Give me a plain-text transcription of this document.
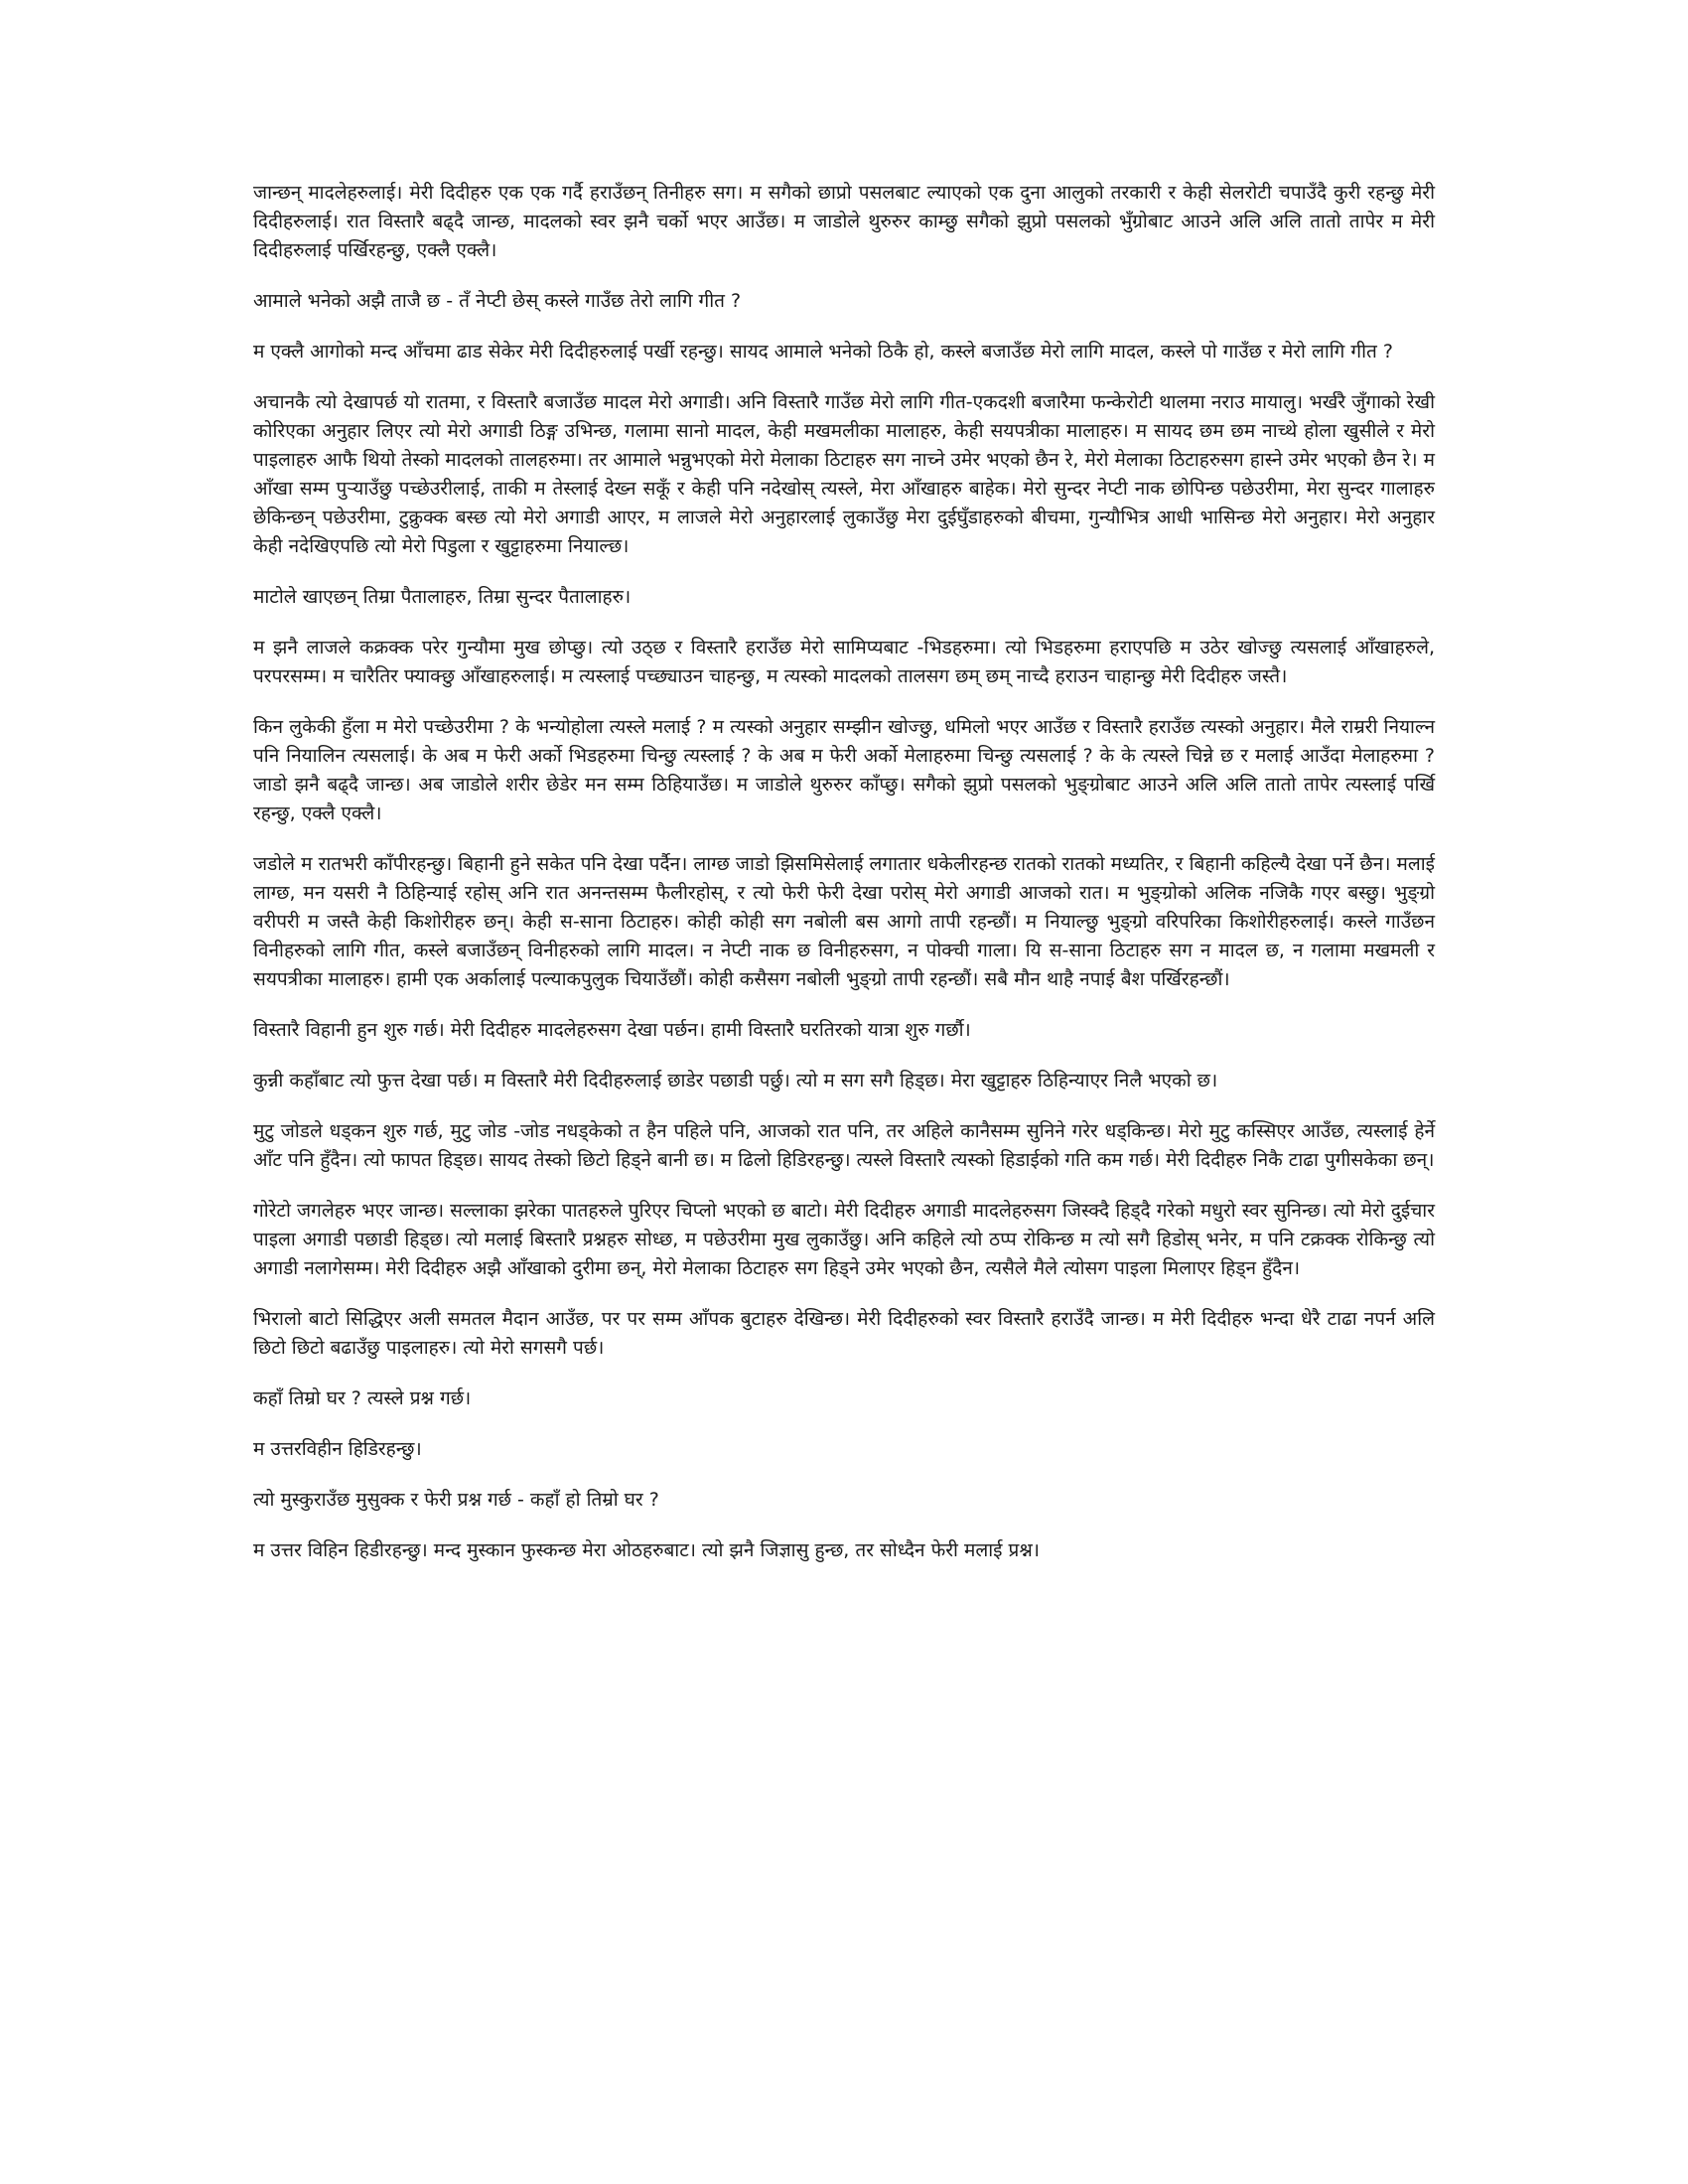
जान्छन् मादलेहरुलाई। मेरी दिदीहरु एक एक गर्दै हराउँछन् तिनीहरु सग। म सगैको छाप्रो पसलबाट ल्याएको एक दुना आलुको तरकारी र केही सेलरोटी चपाउँदै कुरी रहन्छु मेरी दिदीहरुलाई। रात विस्तारै बढ्दै जान्छ, मादलको स्वर झनै चर्को भएर आउँछ। म जाडोले थुरुरुर काम्छु सगैको झुप्रो पसलको भुँग्रोबाट आउने अलि अलि तातो तापेर म मेरी दिदीहरुलाई पर्खिरहन्छु, एक्लै एक्लै।

आमाले भनेको अझै ताजै छ - तँ नेप्टी छेस् कस्ले गाउँछ तेरो लागि गीत ?

म एक्लै आगोको मन्द आँचमा ढाड सेकेर मेरी दिदीहरुलाई पर्खी रहन्छु। सायद आमाले भनेको ठिकै हो, कस्ले बजाउँछ मेरो लागि मादल, कस्ले पो गाउँछ र मेरो लागि गीत ?

अचानकै त्यो देखापर्छ यो रातमा, र विस्तारै बजाउँछ मादल मेरो अगाडी। अनि विस्तारै गाउँछ मेरो लागि गीत-एकदशी बजारैमा फन्केरोटी थालमा नराउ मायालु। भर्खरै जुँगाको रेखी कोरिएका अनुहार लिएर त्यो मेरो अगाडी ठिङ्ग उभिन्छ, गलामा सानो मादल, केही मखमलीका मालाहरु, केही सयपत्रीका मालाहरु। म सायद छम छम नाच्थे होला खुसीले र मेरो पाइलाहरु आफै थियो तेस्को मादलको तालहरुमा। तर आमाले भन्नुभएको मेरो मेलाका ठिटाहरु सग नाच्ने उमेर भएको छैन रे, मेरो मेलाका ठिटाहरुसग हास्ने उमेर भएको छैन रे। म आँखा सम्म पुर्‍याउँछु पच्छेउरीलाई, ताकी म तेस्लाई देख्न सकूँ र केही पनि नदेखोस् त्यस्ले, मेरा आँखाहरु बाहेक। मेरो सुन्दर नेप्टी नाक छोपिन्छ पछेउरीमा, मेरा सुन्दर गालाहरु छेकिन्छन् पछेउरीमा, टुक्रुक्क बस्छ त्यो मेरो अगाडी आएर, म लाजले मेरो अनुहारलाई लुकाउँछु मेरा दुईघुँडाहरुको बीचमा, गुन्यौभित्र आधी भासिन्छ मेरो अनुहार। मेरो अनुहार केही नदेखिएपछि त्यो मेरो पिडुला र खुट्टाहरुमा नियाल्छ।

माटोले खाएछन् तिम्रा पैतालाहरु, तिम्रा सुन्दर पैतालाहरु।

म झनै लाजले कक्रक्क परेर गुन्यौमा मुख छोप्छु। त्यो उठ्छ र विस्तारै हराउँछ मेरो सामिप्यबाट -भिडहरुमा। त्यो भिडहरुमा हराएपछि म उठेर खोज्छु त्यसलाई आँखाहरुले, परपरसम्म। म चारैतिर फ्याक्छु आँखाहरुलाई। म त्यस्लाई पच्छ्याउन चाहन्छु, म त्यस्को मादलको तालसग छम् छम् नाच्दै हराउन चाहान्छु मेरी दिदीहरु जस्तै।

किन लुकेकी हुँला म मेरो पच्छेउरीमा ? के भन्योहोला त्यस्ले मलाई ? म त्यस्को अनुहार सम्झीन खोज्छु, धमिलो भएर आउँछ र विस्तारै हराउँछ त्यस्को अनुहार। मैले राम्ररी नियाल्न पनि नियालिन त्यसलाई। के अब म फेरी अर्को भिडहरुमा चिन्छु त्यस्लाई ? के अब म फेरी अर्को मेलाहरुमा चिन्छु त्यसलाई ? के के त्यस्ले चिन्ने छ र मलाई आउँदा मेलाहरुमा ? जाडो झनै बढ्दै जान्छ। अब जाडोले शरीर छेडेर मन सम्म ठिहियाउँछ। म जाडोले थुरुरुर काँप्छु। सगैको झुप्रो पसलको भुङ्ग्रोबाट आउने अलि अलि तातो तापेर त्यस्लाई पर्खि रहन्छु, एक्लै एक्लै।

जडोले म रातभरी काँपीरहन्छु। बिहानी हुने सकेत पनि देखा पर्दैन। लाग्छ जाडो झिसमिसेलाई लगातार धकेलीरहन्छ रातको रातको मध्यतिर, र बिहानी कहिल्यै देखा पर्ने छैन। मलाई लाग्छ, मन यसरी नै ठिहिन्याई रहोस् अनि रात अनन्तसम्म फैलीरहोस्, र त्यो फेरी फेरी देखा परोस् मेरो अगाडी आजको रात। म भुङ्ग्रोको अलिक नजिकै गएर बस्छु। भुङ्ग्रो वरीपरी म जस्तै केही किशोरीहरु छन्। केही स-साना ठिटाहरु। कोही कोही सग नबोली बस आगो तापी रहन्छौं। म नियाल्छु भुङ्ग्रो वरिपरिका किशोरीहरुलाई। कस्ले गाउँछन विनीहरुको लागि गीत, कस्ले बजाउँछन् विनीहरुको लागि मादल। न नेप्टी नाक छ विनीहरुसग, न पोक्ची गाला। यि स-साना ठिटाहरु सग न मादल छ, न गलामा मखमली र सयपत्रीका मालाहरु। हामी एक अर्कालाई पल्याकपुलुक चियाउँछौं। कोही कसैसग नबोली भुङ्ग्रो तापी रहन्छौं। सबै मौन थाहै नपाई बैश पर्खिरहन्छौं।

विस्तारै विहानी हुन शुरु गर्छ। मेरी दिदीहरु मादलेहरुसग देखा पर्छन। हामी विस्तारै घरतिरको यात्रा शुरु गर्छौ।

कुन्नी कहाँबाट त्यो फुत्त देखा पर्छ। म विस्तारै मेरी दिदीहरुलाई छाडेर पछाडी पर्छु। त्यो म सग सगै हिड्छ। मेरा खुट्टाहरु ठिहिन्याएर निलै भएको छ।

मुटु जोडले धड्कन शुरु गर्छ, मुटु जोड -जोड नधड्केको त हैन पहिले पनि, आजको रात पनि, तर अहिले कानैसम्म सुनिने गरेर धड्किन्छ। मेरो मुटु कस्सिएर आउँछ, त्यस्लाई हेर्ने आँट पनि हुँदैन। त्यो फापत हिड्छ। सायद तेस्को छिटो हिड्ने बानी छ। म ढिलो हिडिरहन्छु। त्यस्ले विस्तारै त्यस्को हिडाईको गति कम गर्छ। मेरी दिदीहरु निकै टाढा पुगीसकेका छन्।

गोरेटो जगलेहरु भएर जान्छ। सल्लाका झरेका पातहरुले पुरिएर चिप्लो भएको छ बाटो। मेरी दिदीहरु अगाडी मादलेहरुसग जिस्क्दै हिड्दै गरेको मधुरो स्वर सुनिन्छ। त्यो मेरो दुईचार पाइला अगाडी पछाडी हिड्छ। त्यो मलाई बिस्तारै प्रश्नहरु सोध्छ, म पछेउरीमा मुख लुकाउँछु। अनि कहिले त्यो ठप्प रोकिन्छ म त्यो सगै हिडोस् भनेर, म पनि टक्रक्क रोकिन्छु त्यो अगाडी नलागेसम्म। मेरी दिदीहरु अझै आँखाको दुरीमा छन्, मेरो मेलाका ठिटाहरु सग हिड्ने उमेर भएको छैन, त्यसैले मैले त्योसग पाइला मिलाएर हिड्न हुँदैन।

भिरालो बाटो सिद्धिएर अली समतल मैदान आउँछ, पर पर सम्म आँपक बुटाहरु देखिन्छ। मेरी दिदीहरुको स्वर विस्तारै हराउँदै जान्छ। म मेरी दिदीहरु भन्दा धेरै टाढा नपर्न अलि छिटो छिटो बढाउँछु पाइलाहरु। त्यो मेरो सगसगै पर्छ।

कहाँ तिम्रो घर ? त्यस्ले प्रश्न गर्छ।

म उत्तरविहीन हिडिरहन्छु।

त्यो मुस्कुराउँछ मुसुक्क र फेरी प्रश्न गर्छ - कहाँ हो तिम्रो घर ?

म उत्तर विहिन हिडीरहन्छु। मन्द मुस्कान फुस्कन्छ मेरा ओठहरुबाट। त्यो झनै जिज्ञासु हुन्छ, तर सोध्दैन फेरी मलाई प्रश्न।
